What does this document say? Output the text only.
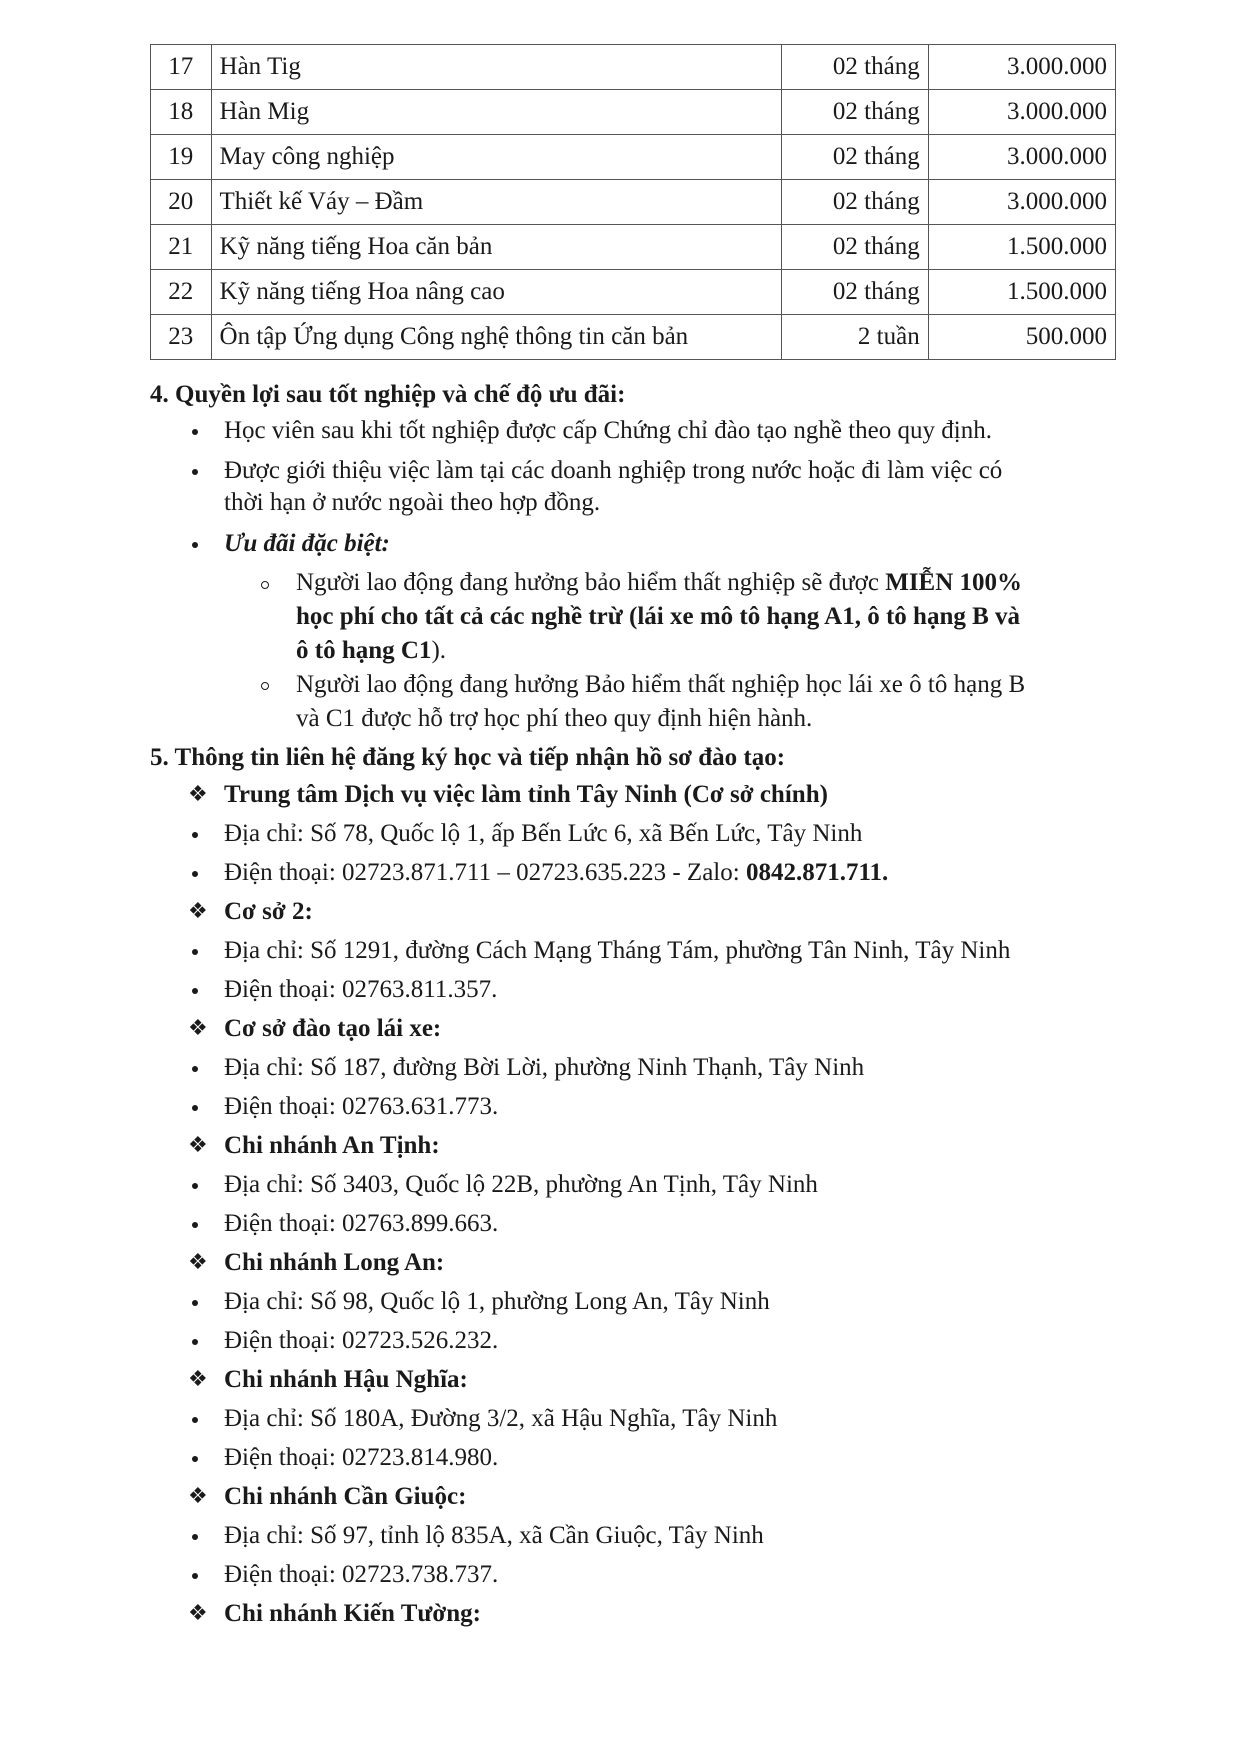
17	Hàn Tig	02 tháng	3.000.000
18	Hàn Mig	02 tháng	3.000.000
19	May công nghiệp	02 tháng	3.000.000
20	Thiết kế Váy – Đầm	02 tháng	3.000.000
21	Kỹ năng tiếng Hoa căn bản	02 tháng	1.500.000
22	Kỹ năng tiếng Hoa nâng cao	02 tháng	1.500.000
23	Ôn tập Ứng dụng Công nghệ thông tin căn bản	2 tuần	500.000
4. Quyền lợi sau tốt nghiệp và chế độ ưu đãi:
Học viên sau khi tốt nghiệp được cấp Chứng chỉ đào tạo nghề theo quy định.
Được giới thiệu việc làm tại các doanh nghiệp trong nước hoặc đi làm việc có
thời hạn ở nước ngoài theo hợp đồng.
Ưu đãi đặc biệt:
Người lao động đang hưởng bảo hiểm thất nghiệp sẽ được MIỄN 100%
học phí cho tất cả các nghề trừ (lái xe mô tô hạng A1, ô tô hạng B và
ô tô hạng C1).
Người lao động đang hưởng Bảo hiểm thất nghiệp học lái xe ô tô hạng B
và C1 được hỗ trợ học phí theo quy định hiện hành.
5. Thông tin liên hệ đăng ký học và tiếp nhận hồ sơ đào tạo:
❖ Trung tâm Dịch vụ việc làm tỉnh Tây Ninh (Cơ sở chính)
Địa chỉ: Số 78, Quốc lộ 1, ấp Bến Lức 6, xã Bến Lức, Tây Ninh
Điện thoại: 02723.871.711 – 02723.635.223 - Zalo: 0842.871.711.
❖ Cơ sở 2:
Địa chỉ: Số 1291, đường Cách Mạng Tháng Tám, phường Tân Ninh, Tây Ninh
Điện thoại: 02763.811.357.
❖ Cơ sở đào tạo lái xe:
Địa chỉ: Số 187, đường Bời Lời, phường Ninh Thạnh, Tây Ninh
Điện thoại: 02763.631.773.
❖ Chi nhánh An Tịnh:
Địa chỉ: Số 3403, Quốc lộ 22B, phường An Tịnh, Tây Ninh
Điện thoại: 02763.899.663.
❖ Chi nhánh Long An:
Địa chỉ: Số 98, Quốc lộ 1, phường Long An, Tây Ninh
Điện thoại: 02723.526.232.
❖ Chi nhánh Hậu Nghĩa:
Địa chỉ: Số 180A, Đường 3/2, xã Hậu Nghĩa, Tây Ninh
Điện thoại: 02723.814.980.
❖ Chi nhánh Cần Giuộc:
Địa chỉ: Số 97, tỉnh lộ 835A, xã Cần Giuộc, Tây Ninh
Điện thoại: 02723.738.737.
❖ Chi nhánh Kiến Tường:
